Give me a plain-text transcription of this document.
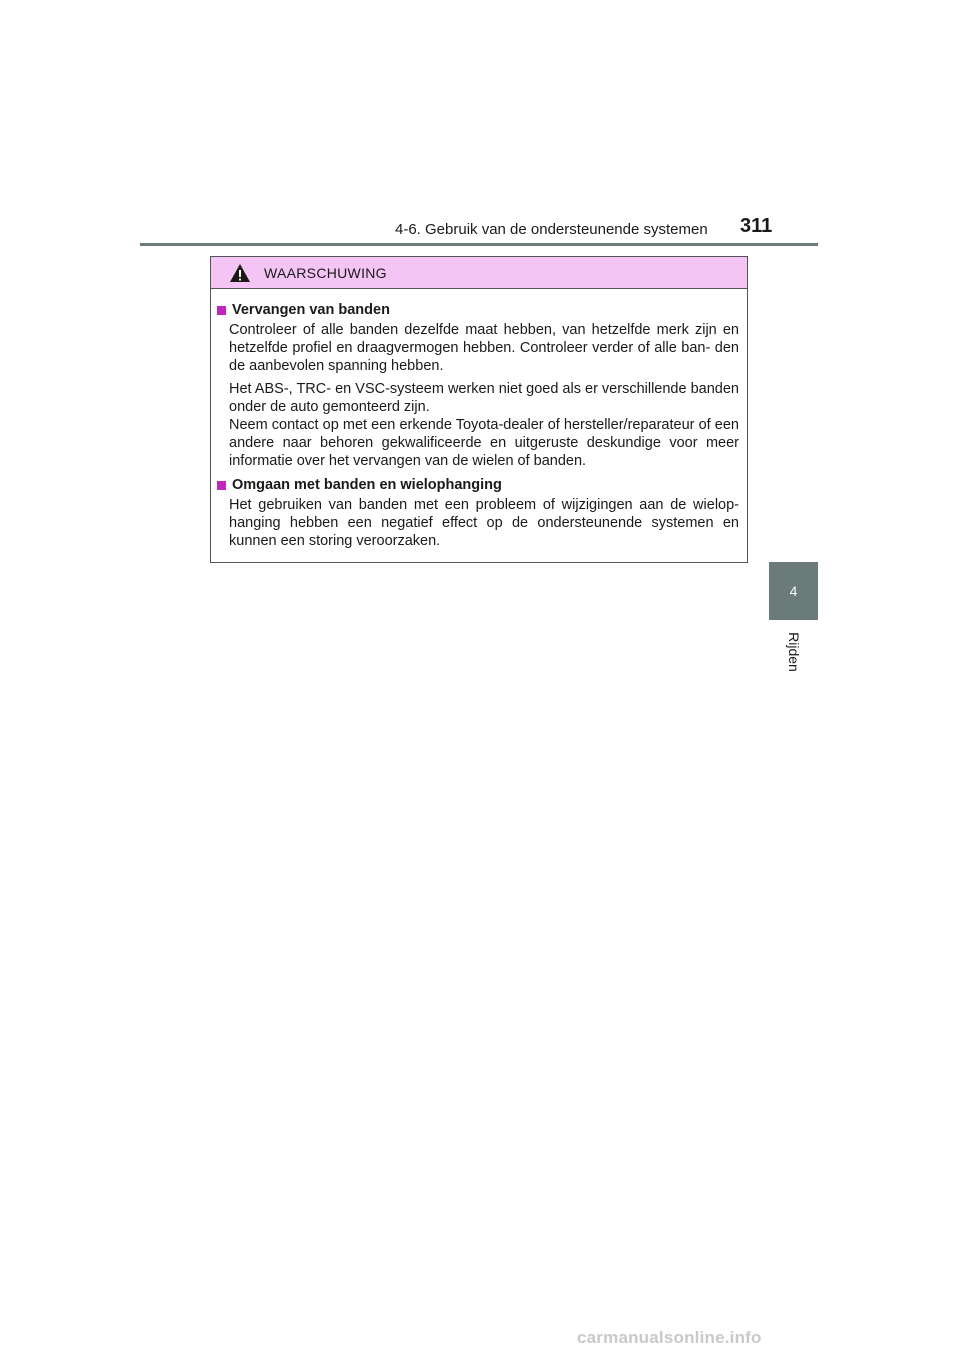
4-6. Gebruik van de ondersteunende systemen 311
4
Rijden
WAARSCHUWING
Vervangen van banden

Controleer of alle banden dezelfde maat hebben, van hetzelfde merk zijn en hetzelfde profiel en draagvermogen hebben. Controleer verder of alle ban- den de aanbevolen spanning hebben.

Het ABS-, TRC- en VSC-systeem werken niet goed als er verschillende banden onder de auto gemonteerd zijn.

Neem contact op met een erkende Toyota-dealer of hersteller/reparateur of een andere naar behoren gekwalificeerde en uitgeruste deskundige voor meer informatie over het vervangen van de wielen of banden.

Omgaan met banden en wielophanging

Het gebruiken van banden met een probleem of wijzigingen aan de wielop- hanging hebben een negatief effect op de ondersteunende systemen en kunnen een storing veroorzaken.

carmanualsonline.info
